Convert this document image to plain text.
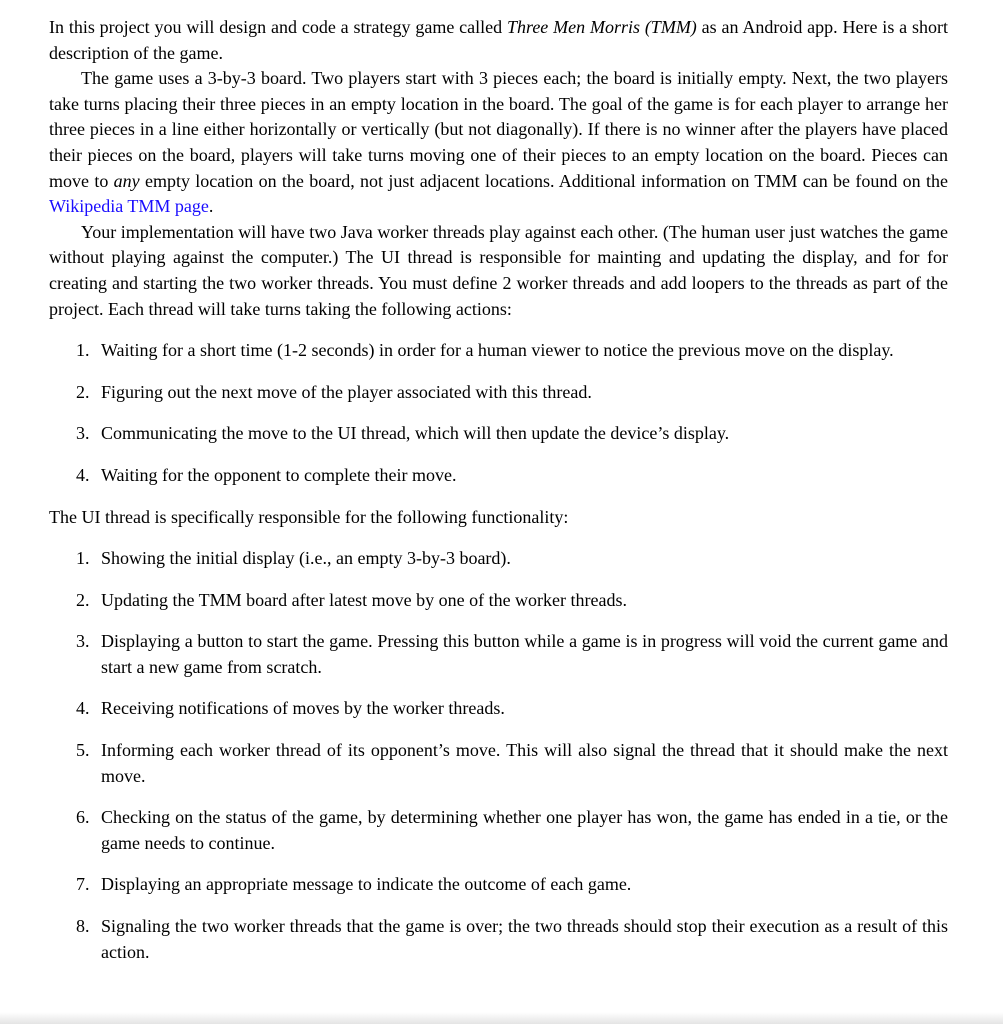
In this project you will design and code a strategy game called Three Men Morris (TMM) as an Android app. Here is a short description of the game.

The game uses a 3-by-3 board. Two players start with 3 pieces each; the board is initially empty. Next, the two players take turns placing their three pieces in an empty location in the board. The goal of the game is for each player to arrange her three pieces in a line either horizontally or vertically (but not diagonally). If there is no winner after the players have placed their pieces on the board, players will take turns moving one of their pieces to an empty location on the board. Pieces can move to any empty location on the board, not just adjacent locations. Additional information on TMM can be found on the Wikipedia TMM page.

Your implementation will have two Java worker threads play against each other. (The human user just watches the game without playing against the computer.) The UI thread is responsible for mainting and updating the display, and for for creating and starting the two worker threads. You must define 2 worker threads and add loopers to the threads as part of the project. Each thread will take turns taking the following actions:

1. Waiting for a short time (1-2 seconds) in order for a human viewer to notice the previous move on the display.
2. Figuring out the next move of the player associated with this thread.
3. Communicating the move to the UI thread, which will then update the device’s display.
4. Waiting for the opponent to complete their move.

The UI thread is specifically responsible for the following functionality:

1. Showing the initial display (i.e., an empty 3-by-3 board).
2. Updating the TMM board after latest move by one of the worker threads.
3. Displaying a button to start the game. Pressing this button while a game is in progress will void the current game and start a new game from scratch.
4. Receiving notifications of moves by the worker threads.
5. Informing each worker thread of its opponent’s move. This will also signal the thread that it should make the next move.
6. Checking on the status of the game, by determining whether one player has won, the game has ended in a tie, or the game needs to continue.
7. Displaying an appropriate message to indicate the outcome of each game.
8. Signaling the two worker threads that the game is over; the two threads should stop their execution as a result of this action.
